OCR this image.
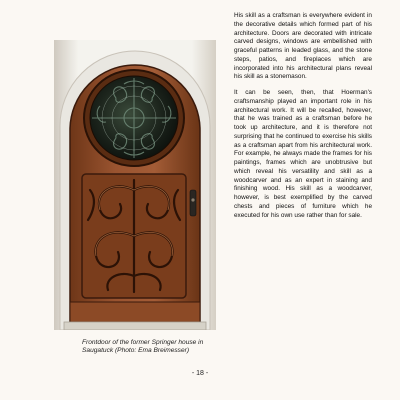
Frontdoor of the former Springer house in Saugatuck (Photo: Ema Breimesser)

His skill as a craftsman is everywhere evident in the decorative details which formed part of his architecture. Doors are decorated with intricate carved designs, windows are embellished with graceful patterns in leaded glass, and the stone steps, patios, and fireplaces which are incorporated into his architectural plans reveal his skill as a stonemason.

It can be seen, then, that Hoerman's craftsmanship played an important role in his architectural work. It will be recalled, however, that he was trained as a craftsman before he took up architecture, and it is therefore not surprising that he continued to exercise his skills as a craftsman apart from his architectural work. For example, he always made the frames for his paintings, frames which are unobtrusive but which reveal his versatility and skill as a woodcarver and as an expert in staining and finishing wood. His skill as a woodcarver, however, is best exemplified by the carved chests and pieces of furniture which he executed for his own use rather than for sale.

- 18 -
